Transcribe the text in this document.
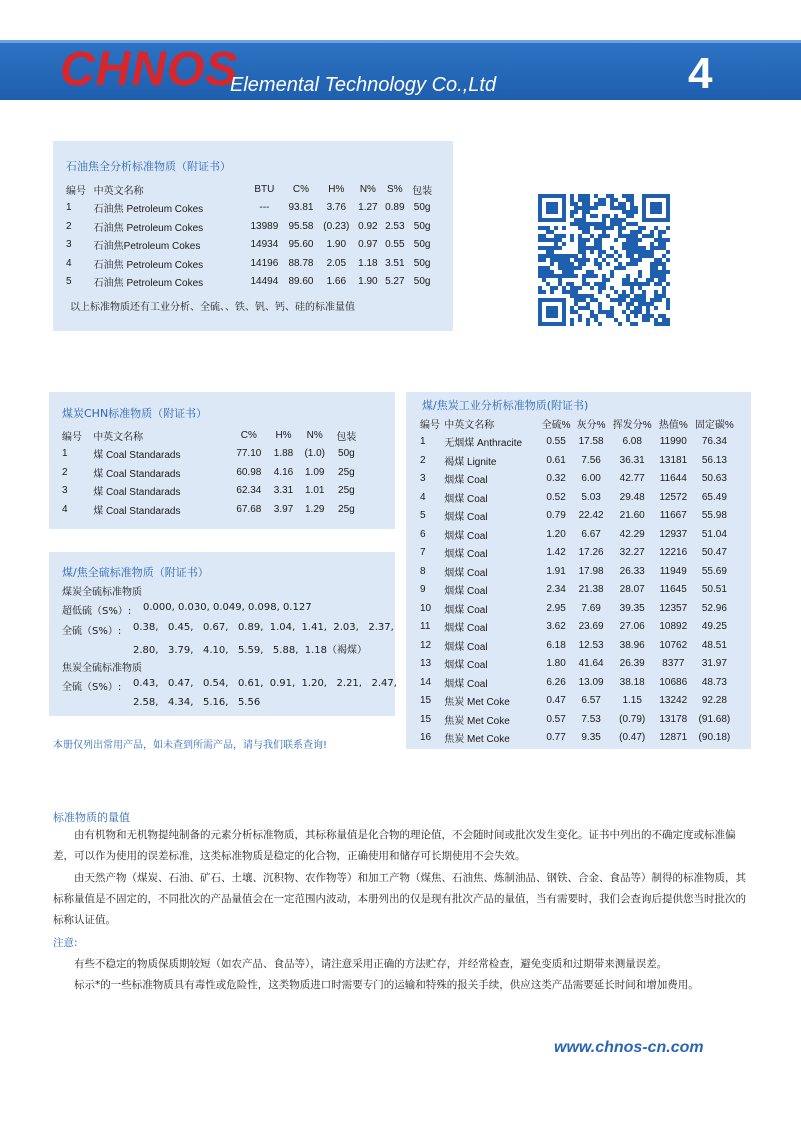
CHNOS
Elemental Technology Co.,Ltd	4
石油焦全分析标准物质（附证书）
编号	中英文名称	BTU	C%	H%	N%	S%	包装
1	石油焦 Petroleum Cokes	---	93.81	3.76	1.27	0.89	50g
2	石油焦 Petroleum Cokes	13989	95.58	(0.23)	0.92	2.53	50g
3	石油焦Petroleum Cokes	14934	95.60	1.90	0.97	0.55	50g
4	石油焦 Petroleum Cokes	14196	88.78	2.05	1.18	3.51	50g
5	石油焦 Petroleum Cokes	14494	89.60	1.66	1.90	5.27	50g
以上标准物质还有工业分析、全硫、、铁、钒、钙、硅的标准量值
煤炭CHN标准物质（附证书）
编号	中英文名称	C%	H%	N%	包装
1	煤 Coal Standarads	77.10	1.88	(1.0)	50g
2	煤 Coal Standarads	60.98	4.16	1.09	25g
3	煤 Coal Standarads	62.34	3.31	1.01	25g
4	煤 Coal Standarads	67.68	3.97	1.29	25g
煤/焦全硫标准物质（附证书）
煤炭全硫标准物质
超低硫（S%）: 0.000, 0.030, 0.049, 0.098, 0.127
全硫（S%）: 0.38,   0.45,   0.67,   0.89,  1.04,  1.41,  2.03,   2.37,
2.80,   3.79,   4.10,   5.59,   5.88,  1.18（褐煤）
焦炭全硫标准物质
全硫（S%）: 0.43,   0.47,   0.54,   0.61,  0.91,  1.20,   2.21,   2.47,
2.58,   4.34,   5.16,   5.56
煤/焦炭工业分析标准物质(附证书)
编号	中英文名称	全硫%	灰分%	挥发分%	热值%	固定碳%
1	无烟煤 Anthracite	0.55	17.58	6.08	11990	76.34
2	褐煤 Lignite	0.61	7.56	36.31	13181	56.13
3	烟煤 Coal	0.32	6.00	42.77	11644	50.63
4	烟煤 Coal	0.52	5.03	29.48	12572	65.49
5	烟煤 Coal	0.79	22.42	21.60	11667	55.98
6	烟煤 Coal	1.20	6.67	42.29	12937	51.04
7	烟煤 Coal	1.42	17.26	32.27	12216	50.47
8	烟煤 Coal	1.91	17.98	26.33	11949	55.69
9	烟煤 Coal	2.34	21.38	28.07	11645	50.51
10	烟煤 Coal	2.95	7.69	39.35	12357	52.96
11	烟煤 Coal	3.62	23.69	27.06	10892	49.25
12	烟煤 Coal	6.18	12.53	38.96	10762	48.51
13	烟煤 Coal	1.80	41.64	26.39	8377	31.97
14	烟煤 Coal	6.26	13.09	38.18	10686	48.73
15	焦炭 Met Coke	0.47	6.57	1.15	13242	92.28
15	焦炭 Met Coke	0.57	7.53	(0.79)	13178	(91.68)
16	焦炭 Met Coke	0.77	9.35	(0.47)	12871	(90.18)
本册仅列出常用产品，如未查到所需产品，请与我们联系查询!
标准物质的量值
　　由有机物和无机物提纯制备的元素分析标准物质，其标称量值是化合物的理论值，不会随时间或批次发生变化。证书中列出的不确定度或标准偏差，可以作为使用的误差标准，这类标准物质是稳定的化合物，正确使用和储存可长期使用不会失效。
　　由天然产物（煤炭、石油、矿石、土壤、沉积物、农作物等）和加工产物（煤焦、石油焦、炼制油品、钢铁、合金、食品等）制得的标准物质，其标称量值是不固定的，不同批次的产品量值会在一定范围内波动，本册列出的仅是现有批次产品的量值，当有需要时，我们会查询后提供您当时批次的标称认证值。
注意:
　　有些不稳定的物质保质期较短（如农产品、食品等），请注意采用正确的方法贮存，并经常检查，避免变质和过期带来测量误差。
　　标示*的一些标准物质具有毒性或危险性，这类物质进口时需要专门的运输和特殊的报关手续，供应这类产品需要延长时间和增加费用。
www.chnos-cn.com
